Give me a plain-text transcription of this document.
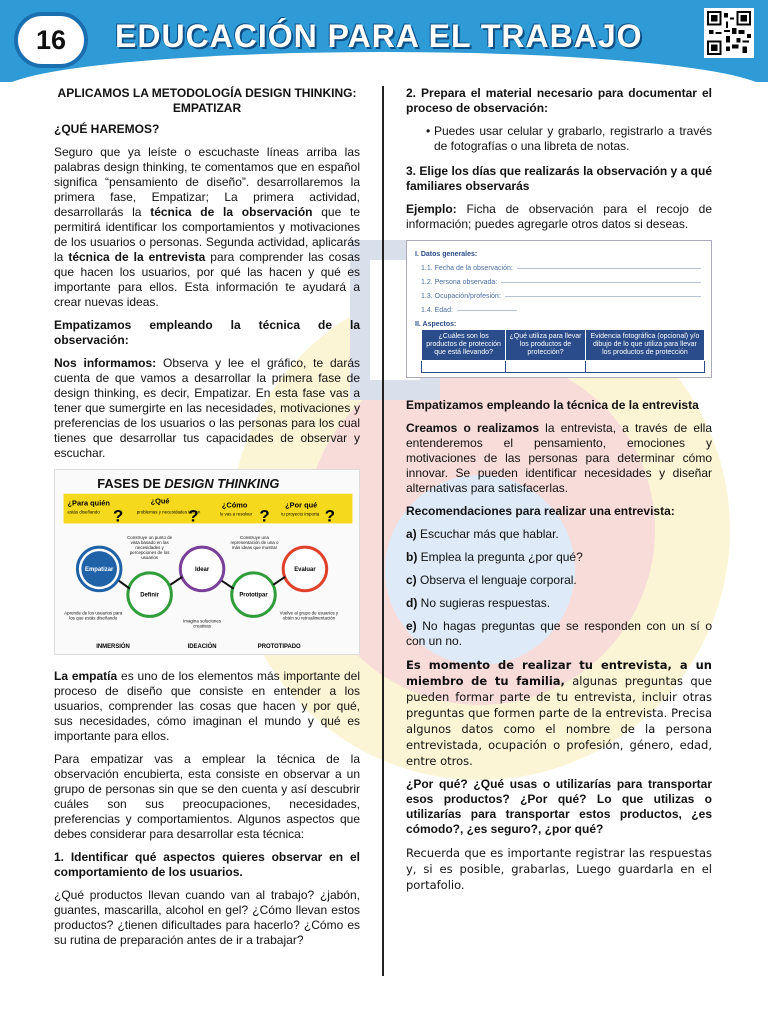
16	EDUCACIÓN PARA EL TRABAJO

APLICAMOS LA METODOLOGÍA DESIGN THINKING: EMPATIZAR

¿QUÉ HAREMOS?

Seguro que ya leíste o escuchaste líneas arriba las palabras design thinking, te comentamos que en español significa “pensamiento de diseño”. desarrollaremos la primera fase, Empatizar; La primera actividad, desarrollarás la técnica de la observación que te permitirá identificar los comportamientos y motivaciones de los usuarios o personas. Segunda actividad, aplicarás la técnica de la entrevista para comprender las cosas que hacen los usuarios, por qué las hacen y qué es importante para ellos. Esta información te ayudará a crear nuevas ideas.

Empatizamos empleando la técnica de la observación:

Nos informamos: Observa y lee el gráfico, te darás cuenta de que vamos a desarrollar la primera fase de design thinking, es decir, Empatizar. En esta fase vas a tener que sumergirte en las necesidades, motivaciones y preferencias de los usuarios o las personas para los cual tienes que desarrollar tus capacidades de observar y escuchar.

FASES DE DESIGN THINKING
¿Para quién
estás diseñando ?
¿Qué
problemas y necesidades tienen
?
¿Cómo
lo vas a resolver ?
¿Por qué
tu proyecto importa ?
Empatizar
Definir
Idear
Prototipar
Evaluar
Aprende de los usuarios para los que estás diseñando
Construye un punto de vista basado en las necesidades y percepciones de los usuarios
Imagina soluciones creativas
Construye una representación de una o más ideas que mostrar
Vuelve al grupo de usuarios y obtén su retroalimentación
INMERSIÓN	IDEACIÓN	PROTOTIPADO

La empatía es uno de los elementos más importante del proceso de diseño que consiste en entender a los usuarios, comprender las cosas que hacen y por qué, sus necesidades, cómo imaginan el mundo y qué es importante para ellos.

Para empatizar vas a emplear la técnica de la observación encubierta, esta consiste en observar a un grupo de personas sin que se den cuenta y así descubrir cuáles son sus preocupaciones, necesidades, preferencias y comportamientos. Algunos aspectos que debes considerar para desarrollar esta técnica:

1. Identificar qué aspectos quieres observar en el comportamiento de los usuarios.

¿Qué productos llevan cuando van al trabajo? ¿jabón, guantes, mascarilla, alcohol en gel? ¿Cómo llevan estos productos? ¿tienen dificultades para hacerlo? ¿Cómo es su rutina de preparación antes de ir a trabajar?

2. Prepara el material necesario para documentar el proceso de observación:

• Puedes usar celular y grabarlo, registrarlo a través de fotografías o una libreta de notas.

3. Elige los días que realizarás la observación y a qué familiares observarás

Ejemplo: Ficha de observación para el recojo de información; puedes agregarle otros datos si deseas.

I. Datos generales:
1.1. Fecha de la observación:
1.2. Persona observada:
1.3. Ocupación/profesión:
1.4. Edad:
II. Aspectos:
¿Cuáles son los productos de protección que está llevando?	¿Qué utiliza para llevar los productos de protección?	Evidencia fotográfica (opcional) y/o dibujo de lo que utiliza para llevar los productos de protección

Empatizamos empleando la técnica de la entrevista

Creamos o realizamos la entrevista, a través de ella entenderemos el pensamiento, emociones y motivaciones de las personas para determinar cómo innovar. Se pueden identificar necesidades y diseñar alternativas para satisfacerlas.

Recomendaciones para realizar una entrevista:

a) Escuchar más que hablar.

b) Emplea la pregunta ¿por qué?

c) Observa el lenguaje corporal.

d) No sugieras respuestas.

e) No hagas preguntas que se responden con un sí o con un no.

Es momento de realizar tu entrevista, a un miembro de tu familia, algunas preguntas que pueden formar parte de tu entrevista, incluir otras preguntas que formen parte de la entrevista. Precisa algunos datos como el nombre de la persona entrevistada, ocupación o profesión, género, edad, entre otros.

¿Por qué? ¿Qué usas o utilizarías para transportar esos productos? ¿Por qué? Lo que utilizas o utilizarías para transportar estos productos, ¿es cómodo?, ¿es seguro?, ¿por qué?

Recuerda que es importante registrar las respuestas y, si es posible, grabarlas, Luego guardarla en el portafolio.
